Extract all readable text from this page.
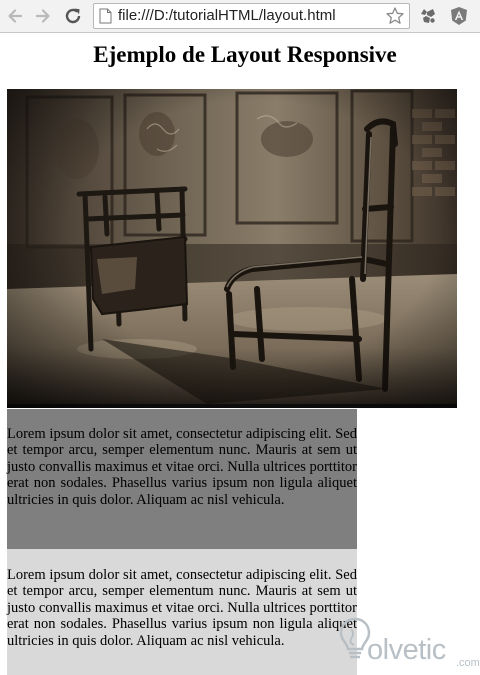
file:///D:/tutorialHTML/layout.html
Ejemplo de Layout Responsive

Lorem ipsum dolor sit amet, consectetur adipiscing elit. Sed et tempor arcu, semper elementum nunc. Mauris at sem ut justo convallis maximus et vitae orci. Nulla ultrices porttitor erat non sodales. Phasellus varius ipsum non ligula aliquet ultricies in quis dolor. Aliquam ac nisl vehicula.

Lorem ipsum dolor sit amet, consectetur adipiscing elit. Sed et tempor arcu, semper elementum nunc. Mauris at sem ut justo convallis maximus et vitae orci. Nulla ultrices porttitor erat non sodales. Phasellus varius ipsum non ligula aliquet ultricies in quis dolor. Aliquam ac nisl vehicula.	olvetic .com
